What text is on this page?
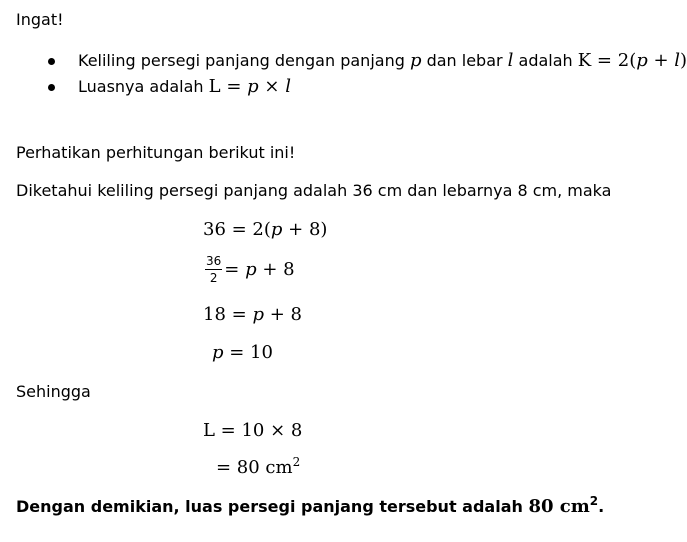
Ingat!
Keliling persegi panjang dengan panjang p dan lebar l adalah K = 2(p + l)
Luasnya adalah L = p × l
Perhatikan perhitungan berikut ini!
Diketahui keliling persegi panjang adalah 36 cm dan lebarnya 8 cm, maka
36 = 2(p + 8)
$\frac{36}{2} = p + 8$
18 = p + 8
p = 10
Sehingga
L = 10 × 8
= 80 $cm^2$
Dengan demikian, luas persegi panjang tersebut adalah 80 $cm^2$.
